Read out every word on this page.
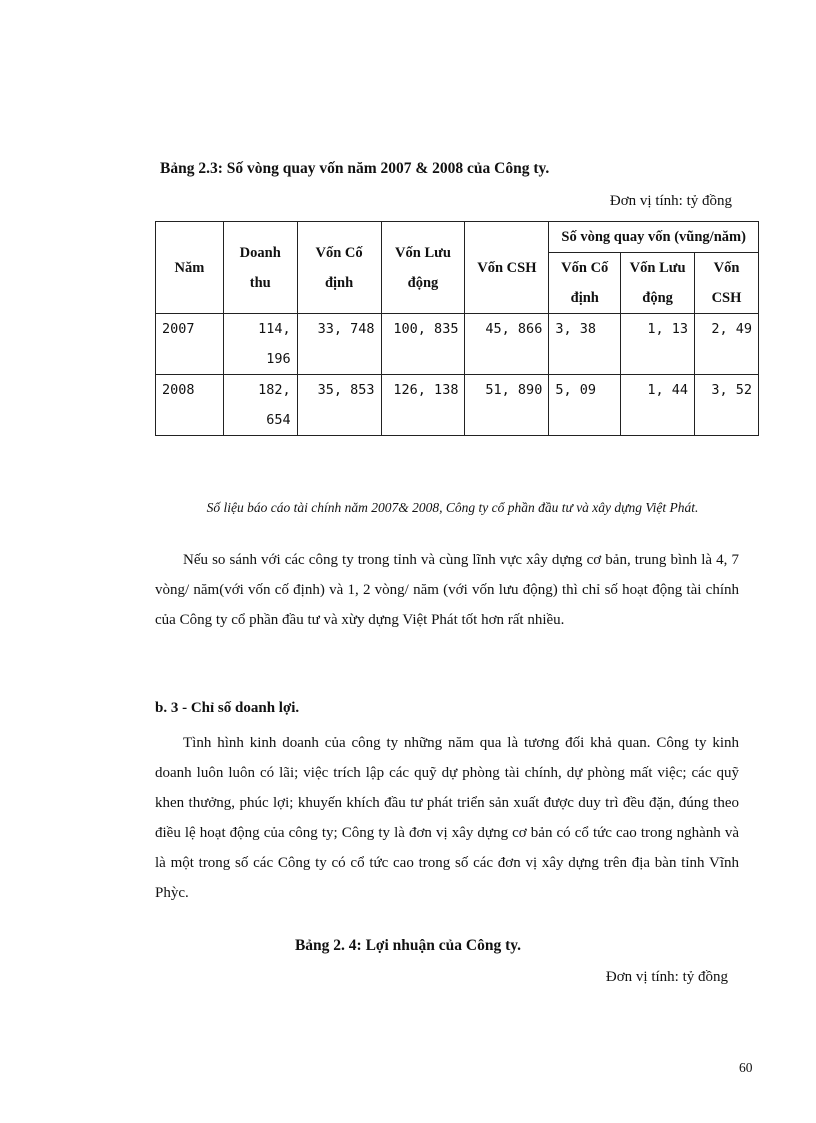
Bảng 2.3: Số vòng quay vốn năm 2007 & 2008 của Công ty.
Đơn vị tính: tỷ đồng
Năm	Doanh thu	Vốn Cố định	Vốn Lưu động	Vốn CSH	Số vòng quay vốn (vũng/năm)		
					Vốn Cố định	Vốn Lưu động	Vốn CSH
2007	114, 196	33, 748	100, 835	45, 866	3, 38	1, 13	2, 49
2008	182, 654	35, 853	126, 138	51, 890	5, 09	1, 44	3, 52
Số liệu báo cáo tài chính năm 2007& 2008, Công ty cổ phần đầu tư và xây dựng Việt Phát.
Nếu so sánh với các công ty trong tỉnh và cùng lĩnh vực xây dựng cơ bản, trung bình là 4, 7 vòng/ năm(với vốn cố định) và 1, 2 vòng/ năm (với vốn lưu động) thì chỉ số hoạt động tài chính của Công ty cổ phần đầu tư và xừy dựng Việt Phát tốt hơn rất nhiều.
b. 3 - Chỉ số doanh lợi.
Tình hình kinh doanh của công ty những năm qua là tương đối khả quan. Công ty kinh doanh luôn luôn có lãi; việc trích lập các quỹ dự phòng tài chính, dự phòng mất việc; các quỹ khen thưởng, phúc lợi; khuyến khích đầu tư phát triển sản xuất được duy trì đều đặn, đúng theo điều lệ hoạt động của công ty; Công ty là đơn vị xây dựng cơ bản có cổ tức cao trong nghành và là một trong số các Công ty có cổ tức cao trong số các đơn vị xây dựng trên địa bàn tỉnh Vĩnh Phỳc.
Bảng 2. 4: Lợi nhuận của Công ty.
Đơn vị tính: tỷ đồng
60
